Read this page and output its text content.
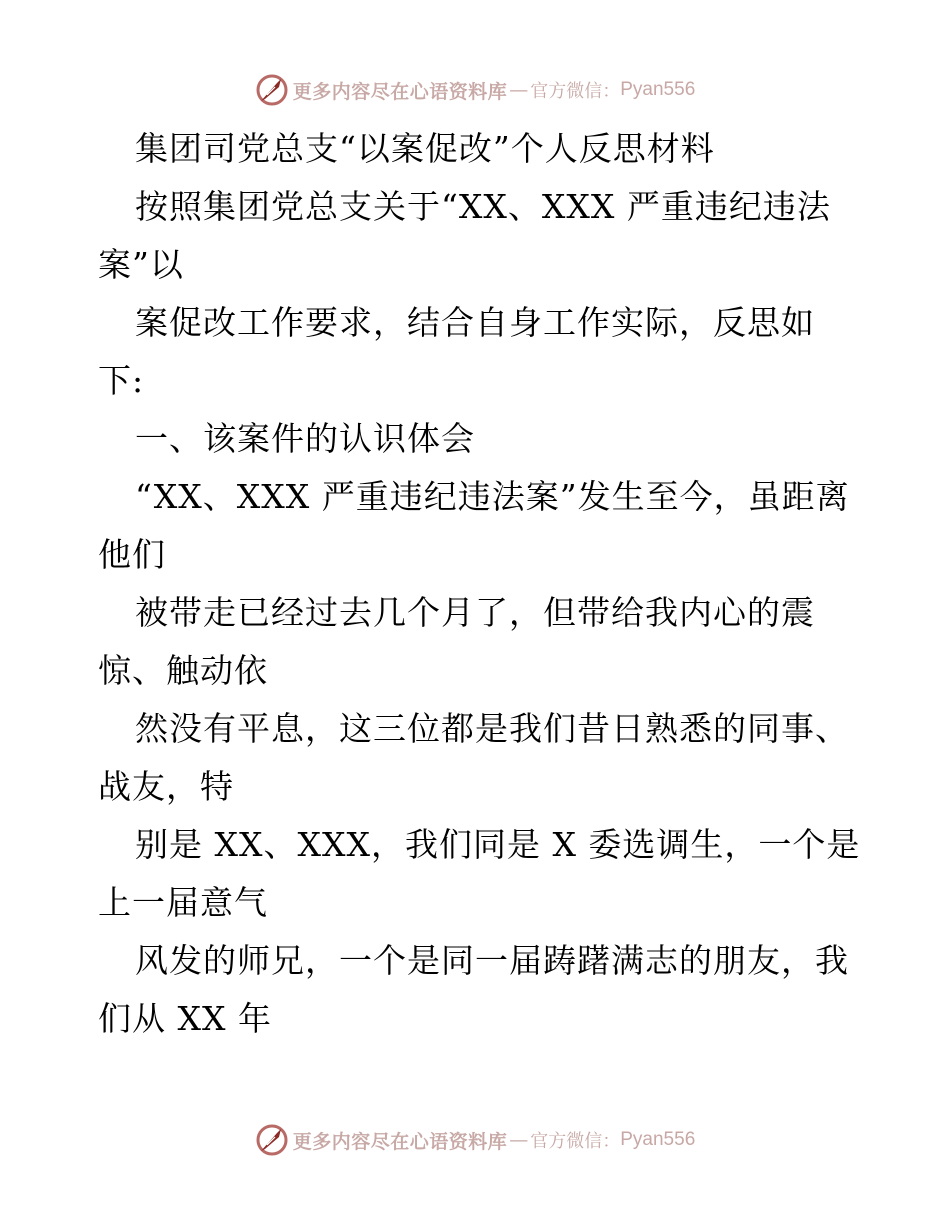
更多内容尽在心语资料库 — 官方微信： Pyan556
集团司党总支“以案促改”个人反思材料
按照集团党总支关于“XX、XXX 严重违纪违法
案”以
案促改工作要求，结合自身工作实际，反思如
下:
一、该案件的认识体会
“XX、XXX 严重违纪违法案”发生至今，虽距离
他们
被带走已经过去几个月了，但带给我内心的震
惊、触动依
然没有平息，这三位都是我们昔日熟悉的同事、
战友，特
别是 XX、XXX，我们同是 X 委选调生，一个是
上一届意气
风发的师兄，一个是同一届踌躇满志的朋友，我
们从 XX 年
更多内容尽在心语资料库 — 官方微信： Pyan556
